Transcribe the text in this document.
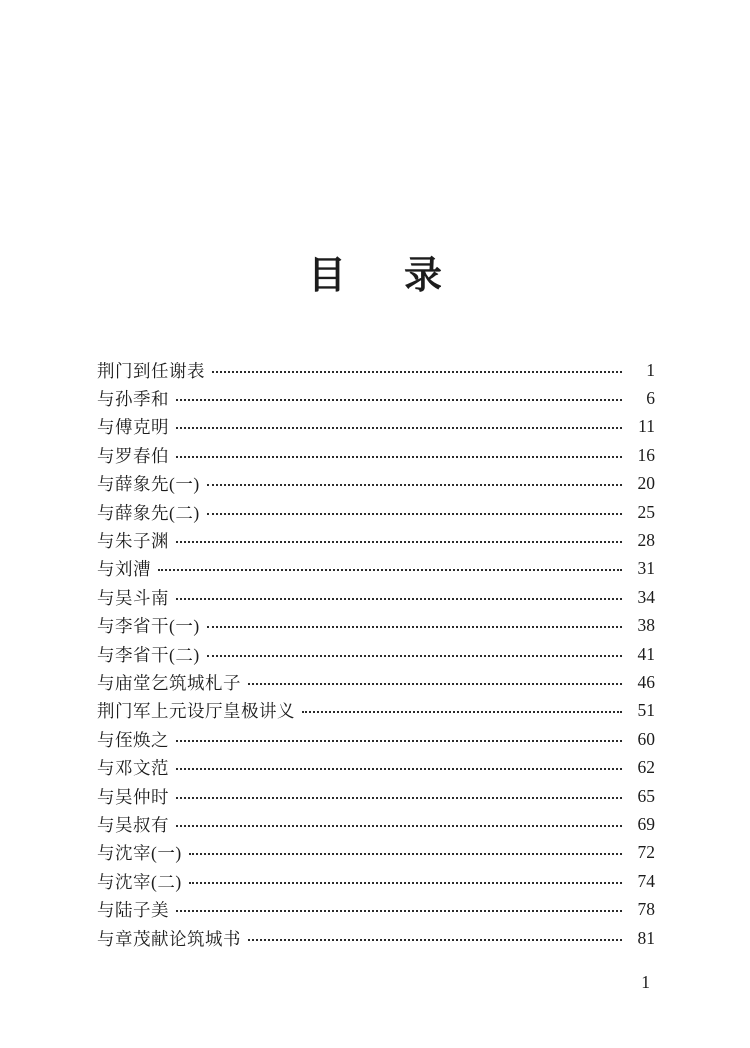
目 录
荆门到任谢表	1
与孙季和	6
与傅克明	11
与罗春伯	16
与薛象先(一)	20
与薛象先(二)	25
与朱子渊	28
与刘漕	31
与吴斗南	34
与李省干(一)	38
与李省干(二)	41
与庙堂乞筑城札子	46
荆门军上元设厅皇极讲义	51
与侄焕之	60
与邓文范	62
与吴仲时	65
与吴叔有	69
与沈宰(一)	72
与沈宰(二)	74
与陆子美	78
与章茂献论筑城书	81
1
